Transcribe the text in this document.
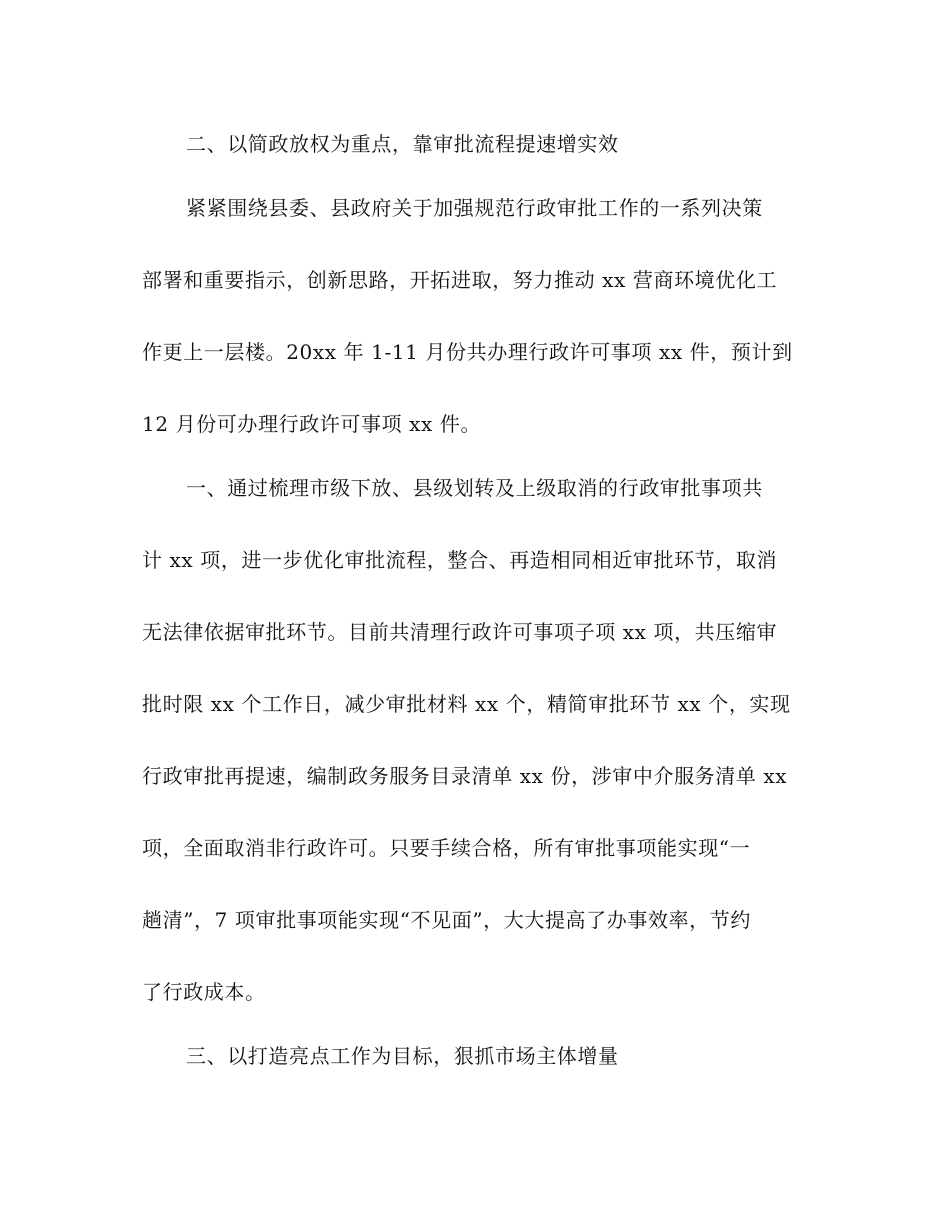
二、以简政放权为重点，靠审批流程提速增实效
紧紧围绕县委、县政府关于加强规范行政审批工作的一系列决策
部署和重要指示，创新思路，开拓进取，努力推动 xx 营商环境优化工
作更上一层楼。20xx 年 1-11 月份共办理行政许可事项 xx 件，预计到
12 月份可办理行政许可事项 xx 件。
一、通过梳理市级下放、县级划转及上级取消的行政审批事项共
计 xx 项，进一步优化审批流程，整合、再造相同相近审批环节，取消
无法律依据审批环节。目前共清理行政许可事项子项 xx 项，共压缩审
批时限 xx 个工作日，减少审批材料 xx 个，精简审批环节 xx 个，实现
行政审批再提速，编制政务服务目录清单 xx 份，涉审中介服务清单 xx
项，全面取消非行政许可。只要手续合格，所有审批事项能实现“一
趟清”，7 项审批事项能实现“不见面”，大大提高了办事效率，节约
了行政成本。
三、以打造亮点工作为目标，狠抓市场主体增量
